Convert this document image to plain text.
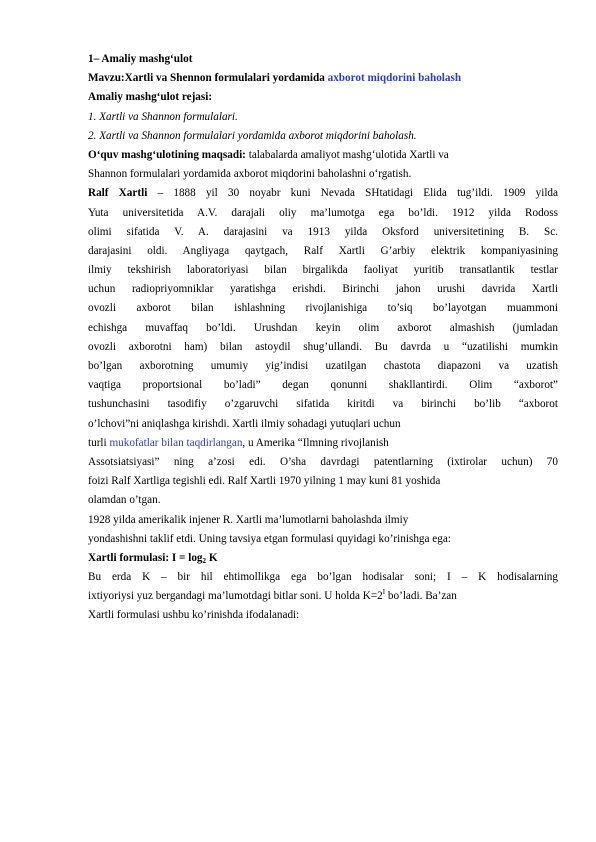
1– Amaliy mashg‘ulot
Mavzu:Xartli va Shennon formulalari yordamida axborot miqdorini baholash
Amaliy mashg‘ulot rejasi:
1. Xartli va Shannon formulalari.
2. Xartli va Shannon formulalari yordamida axborot miqdorini baholash.
O‘quv mashg‘ulotining maqsadi: talabalarda amaliyot mashg‘ulotida Xartli va
Shannon formulalari yordamida axborot miqdorini baholashni o‘rgatish.
Ralf Xartli – 1888 yil 30 noyabr kuni Nevada SHtatidagi Elida tug’ildi. 1909 yilda
Yuta universitetida A.V. darajali oliy ma’lumotga ega bo’ldi. 1912 yilda Rodoss
olimi sifatida V. A. darajasini va 1913 yilda Oksford universitetining B. Sc.
darajasini oldi. Angliyaga qaytgach, Ralf Xartli G’arbiy elektrik kompaniyasining
ilmiy tekshirish laboratoriyasi bilan birgalikda faoliyat yuritib transatlantik testlar
uchun radiopriyomniklar yaratishga erishdi. Birinchi jahon urushi davrida Xartli
ovozli axborot bilan ishlashning rivojlanishiga to’siq bo’layotgan muammoni
echishga muvaffaq bo’ldi. Urushdan keyin olim axborot almashish (jumladan
ovozli axborotni ham) bilan astoydil shug’ullandi. Bu davrda u “uzatilishi mumkin
bo’lgan axborotning umumiy yig’indisi uzatilgan chastota diapazoni va uzatish
vaqtiga proportsional bo’ladi” degan qonunni shakllantirdi. Olim “axborot”
tushunchasini tasodifiy o’zgaruvchi sifatida kiritdi va birinchi bo’lib “axborot
o’lchovi”ni aniqlashga kirishdi. Xartli ilmiy sohadagi yutuqlari uchun
turli mukofatlar bilan taqdirlangan, u Amerika “Ilmning rivojlanish
Assotsiatsiyasi” ning a’zosi edi. O’sha davrdagi patentlarning (ixtirolar uchun) 70
foizi Ralf Xartliga tegishli edi. Ralf Xartli 1970 yilning 1 may kuni 81 yoshida
olamdan o’tgan.
1928 yilda amerikalik injener R. Xartli ma’lumotlarni baholashda ilmiy
yondashishni taklif etdi. Uning tavsiya etgan formulasi quyidagi ko’rinishga ega:
Xartli formulasi: $I = \log_2 K$
Bu erda K – bir hil ehtimollikga ega bo’lgan hodisalar soni; I – K hodisalarning
ixtiyoriysi yuz bergandagi ma’lumotdagi bitlar soni. U holda $K=2^I$ bo’ladi. Ba’zan
Xartli formulasi ushbu ko’rinishda ifodalanadi:
